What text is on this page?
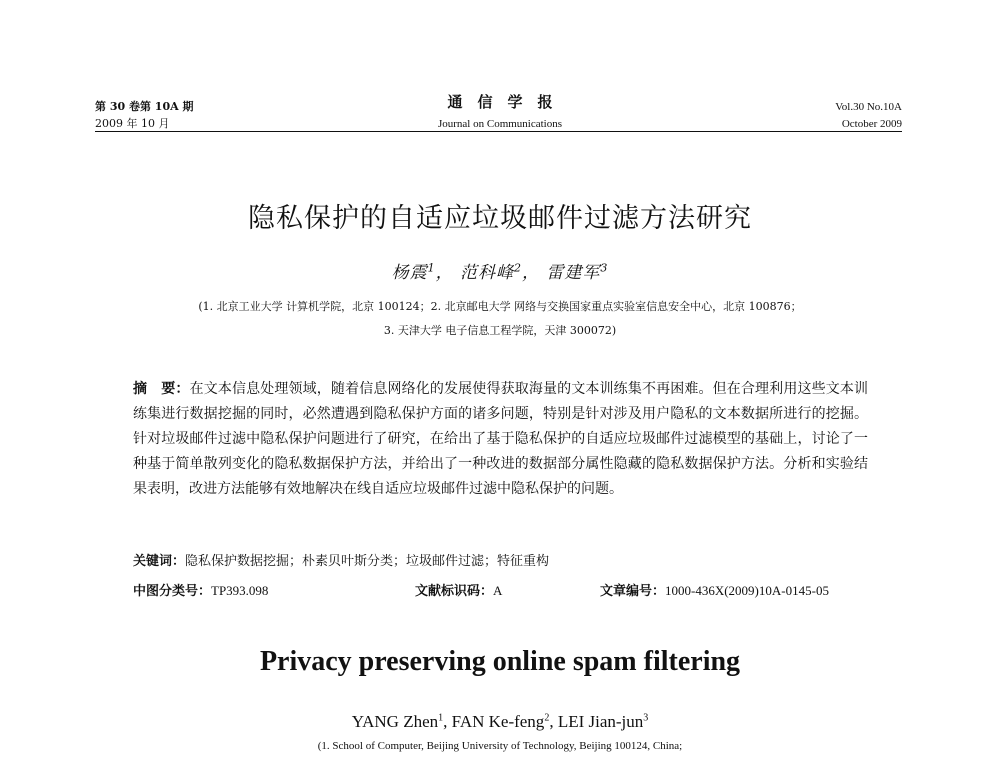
第 30 卷第 10A 期
2009 年 10 月
通　信　学　报
Journal on Communications
Vol.30 No.10A
October 2009
隐私保护的自适应垃圾邮件过滤方法研究
杨震$^1$， 范科峰$^2$， 雷建军$^3$
(1. 北京工业大学 计算机学院，北京 100124；2. 北京邮电大学 网络与交换国家重点实验室信息安全中心，北京 100876；
3. 天津大学 电子信息工程学院，天津 300072)
摘　要：在文本信息处理领域，随着信息网络化的发展使得获取海量的文本训练集不再困难。但在合理利用这些文本训练集进行数据挖掘的同时，必然遭遇到隐私保护方面的诸多问题，特别是针对涉及用户隐私的文本数据所进行的挖掘。针对垃圾邮件过滤中隐私保护问题进行了研究，在给出了基于隐私保护的自适应垃圾邮件过滤模型的基础上，讨论了一种基于简单散列变化的隐私数据保护方法，并给出了一种改进的数据部分属性隐藏的隐私数据保护方法。分析和实验结果表明，改进方法能够有效地解决在线自适应垃圾邮件过滤中隐私保护的问题。
关键词：隐私保护数据挖掘；朴素贝叶斯分类；垃圾邮件过滤；特征重构
中图分类号：TP393.098	文献标识码：A	文章编号：1000-436X(2009)10A-0145-05
Privacy preserving online spam filtering
YANG Zhen$^1$, FAN Ke-feng$^2$, LEI Jian-jun$^3$
(1. School of Computer, Beijing University of Technology, Beijing 100124, China;
